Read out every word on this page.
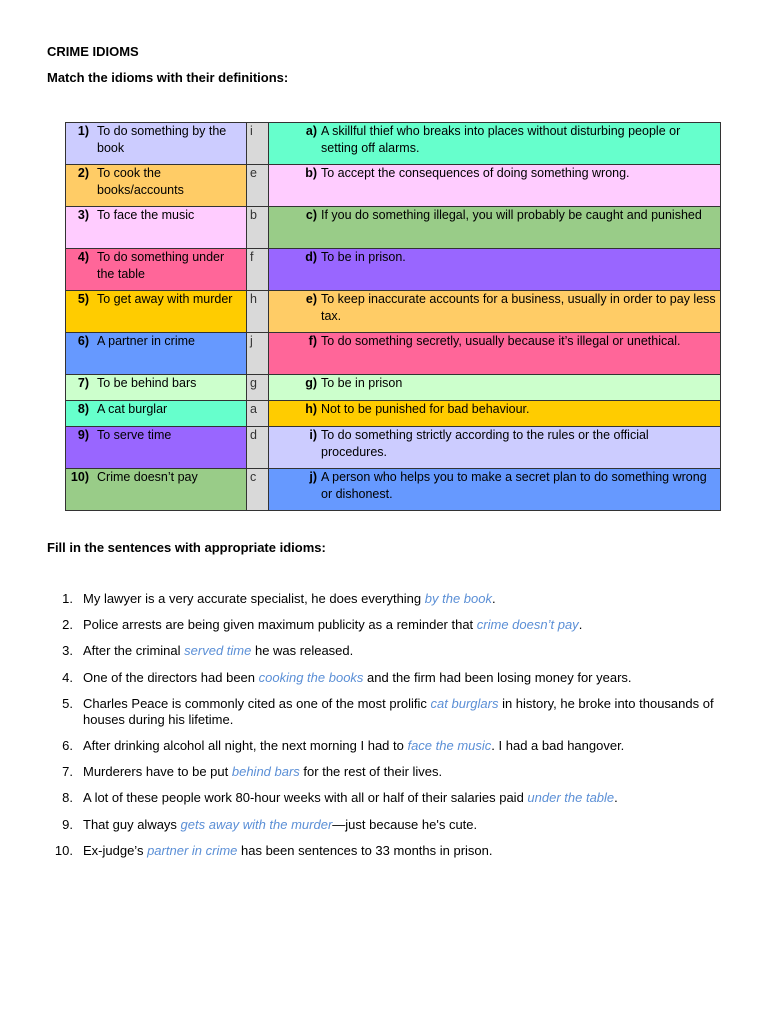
CRIME IDIOMS
Match the idioms with their definitions:
1) To do something by the book	i	a) A skillful thief who breaks into places without disturbing people or setting off alarms.

2) To cook the books/accounts	e	b) To accept the consequences of doing something wrong.

3) To face the music	b	c) If you do something illegal, you will probably be caught and punished

4) To do something under the table	f	d) To be in prison.

5) To get away with murder	h	e) To keep inaccurate accounts for a business, usually in order to pay less tax.

6) A partner in crime	j	f) To do something secretly, usually because it’s illegal or unethical.

7) To be behind bars	g	g) To be in prison

8) A cat burglar	a	h) Not to be punished for bad behaviour.

9) To serve time	d	i) To do something strictly according to the rules or the official procedures.

10) Crime doesn’t pay	c	j) A person who helps you to make a secret plan to do something wrong or dishonest.
Fill in the sentences with appropriate idioms:
1. My lawyer is a very accurate specialist, he does everything by the book.
2. Police arrests are being given maximum publicity as a reminder that crime doesn’t pay.
3. After the criminal served time he was released.
4. One of the directors had been cooking the books and the firm had been losing money for years.
5. Charles Peace is commonly cited as one of the most prolific cat burglars in history, he broke into thousands of houses during his lifetime.
6. After drinking alcohol all night, the next morning I had to face the music. I had a bad hangover.
7. Murderers have to be put behind bars for the rest of their lives.
8. A lot of these people work 80-hour weeks with all or half of their salaries paid under the table.
9. That guy always gets away with the murder—just because he's cute.
10. Ex-judge’s partner in crime has been sentences to 33 months in prison.
